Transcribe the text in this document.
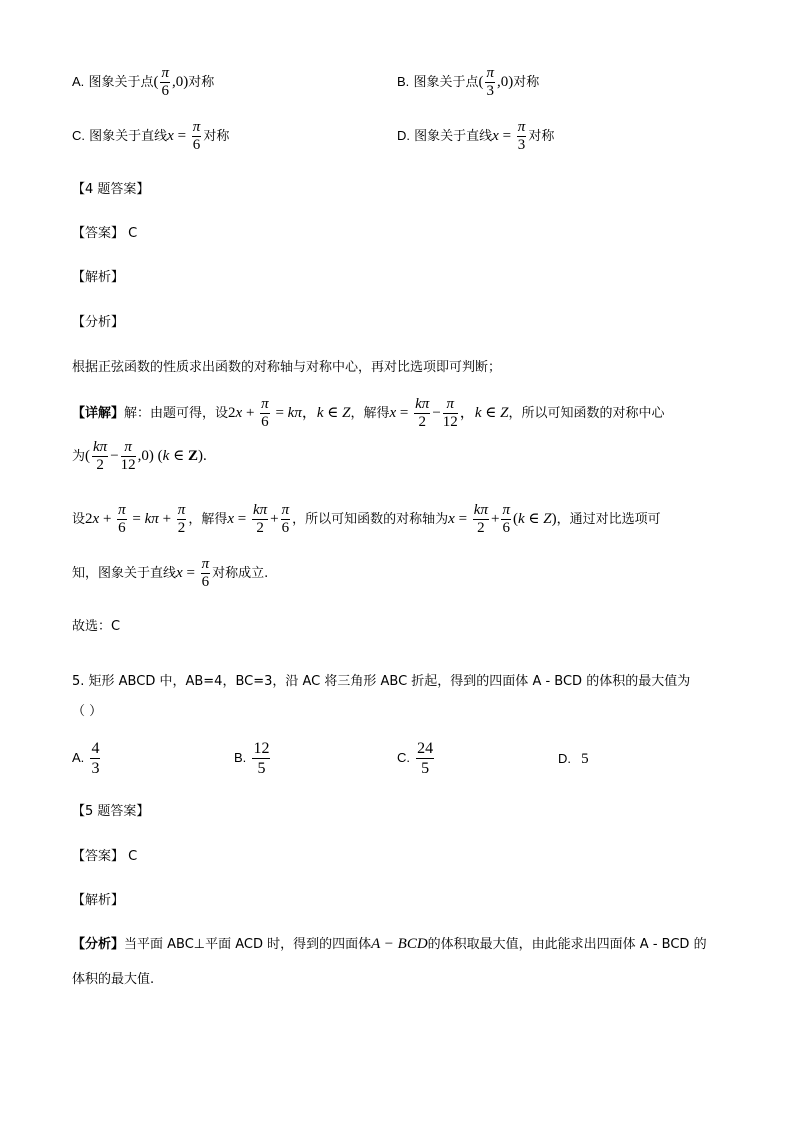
A. 图象关于点( $\frac{\pi}{6} ,0$)对称	B. 图象关于点( $\frac{\pi}{3} ,0$)对称
C. 图象关于直线$x = \frac{\pi}{6}$ 对称	D. 图象关于直线$x = \frac{\pi}{3}$ 对称
【4 题答案】
【答案】 C
【解析】
【分析】
根据正弦函数的性质求出函数的对称轴与对称中心，再对比选项即可判断；
【详解】解：由题可得，设$2x + \frac{\pi}{6} = k\pi$，k ∈ Z，解得$x = \frac{k\pi}{2} - \frac{\pi}{12}$ ，k ∈ Z，所以可知函数的对称中心
为( $\frac{k\pi}{2} - \frac{\pi}{12} ,0$) (k ∈ Z).
设$2x + \frac{\pi}{6} = k\pi + \frac{\pi}{2}$ ，解得$x = \frac{k\pi}{2} + \frac{\pi}{6}$ ，所以可知函数的对称轴为$x = \frac{k\pi}{2} + \frac{\pi}{6} (k$ ∈ Z)，通过对比选项可
知，图象关于直线$x = \frac{\pi}{6}$ 对称成立.
故选：C
5. 矩形 ABCD 中，AB=4，BC=3，沿 AC 将三角形 ABC 折起，得到的四面体 A - BCD 的体积的最大值为
（ ）
A. $\frac{4}{3}$	B. $\frac{12}{5}$	C. $\frac{24}{5}$	D. 5
【5 题答案】
【答案】 C
【解析】
【分析】当平面 ABC⊥平面 ACD 时，得到的四面体A − BCD的体积取最大值，由此能求出四面体 A - BCD 的
体积的最大值.
